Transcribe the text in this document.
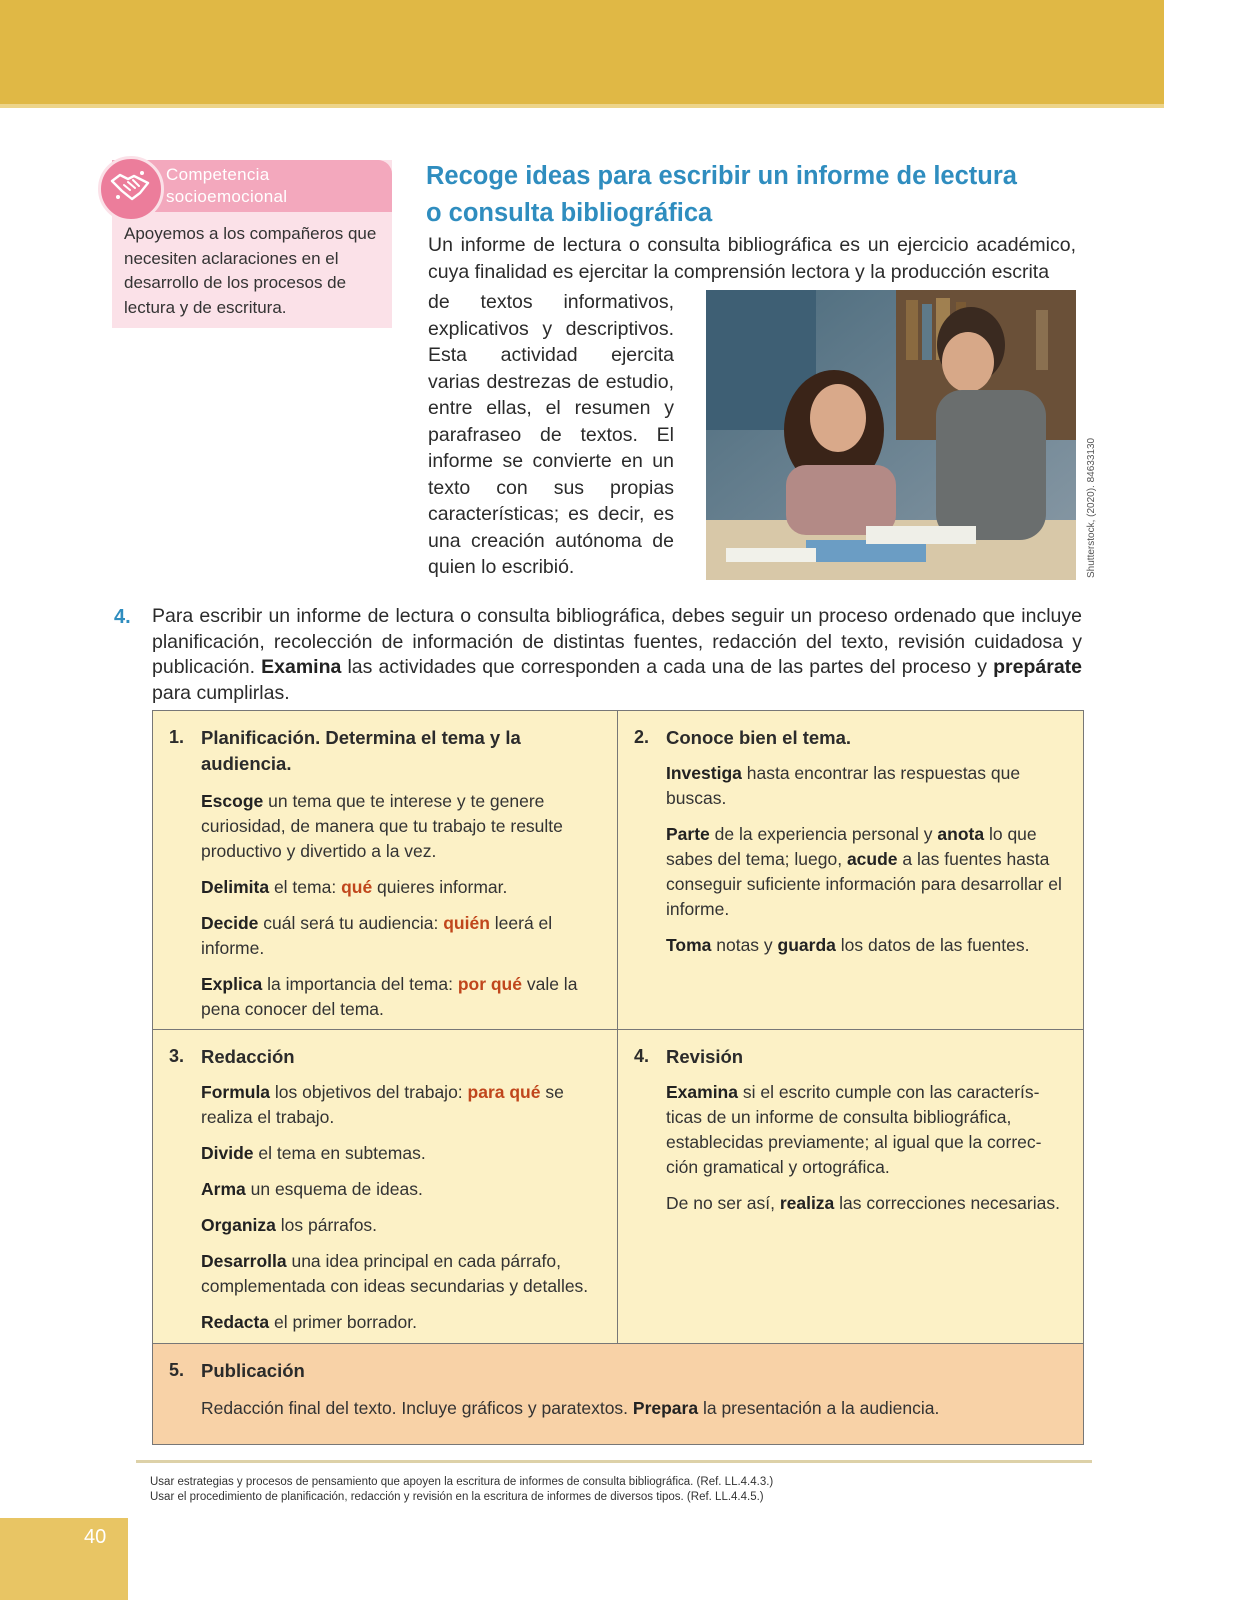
Competencia
socioemocional
Apoyemos a los compañeros que necesiten aclaraciones en el desarrollo de los procesos de lectura y de escritura.
Recoge ideas para escribir un informe de lectura
o consulta bibliográfica
Un informe de lectura o consulta bibliográfica es un ejercicio académico, cuya finalidad es ejercitar la comprensión lectora y la producción escrita
de textos informativos, explicativos y descriptivos. Esta actividad ejercita varias destrezas de estudio, entre ellas, el resumen y parafraseo de textos. El informe se convierte en un texto con sus propias características; es decir, es una creación autónoma de quien lo escribió.	Shutterstock, (2020). 84633130
4. Para escribir un informe de lectura o consulta bibliográfica, debes seguir un proceso ordenado que incluye planificación, recolección de información de distintas fuentes, redacción del texto, revisión cuidadosa y publicación. Examina las actividades que corresponden a cada una de las partes del proceso y prepárate para cumplirlas.
1. Planificación. Determina el tema y la audiencia.

Escoge un tema que te interese y te genere curiosidad, de manera que tu trabajo te resulte productivo y divertido a la vez.

Delimita el tema: qué quieres informar.

Decide cuál será tu audiencia: quién leerá el informe.

Explica la importancia del tema: por qué vale la pena conocer del tema.

2. Conoce bien el tema.

Investiga hasta encontrar las respuestas que buscas.

Parte de la experiencia personal y anota lo que sabes del tema; luego, acude a las fuentes hasta conseguir suficiente información para desarrollar el informe.

Toma notas y guarda los datos de las fuentes.

3. Redacción

Formula los objetivos del trabajo: para qué se realiza el trabajo.

Divide el tema en subtemas.

Arma un esquema de ideas.

Organiza los párrafos.

Desarrolla una idea principal en cada párrafo, complementada con ideas secundarias y detalles.

Redacta el primer borrador.

4. Revisión

Examina si el escrito cumple con las caracterís-ticas de un informe de consulta bibliográfica, establecidas previamente; al igual que la correc-ción gramatical y ortográfica.

De no ser así, realiza las correcciones necesarias.

5. Publicación

Redacción final del texto. Incluye gráficos y paratextos. Prepara la presentación a la audiencia.

Usar estrategias y procesos de pensamiento que apoyen la escritura de informes de consulta bibliográfica. (Ref. LL.4.4.3.)
Usar el procedimiento de planificación, redacción y revisión en la escritura de informes de diversos tipos. (Ref. LL.4.4.5.)
40
